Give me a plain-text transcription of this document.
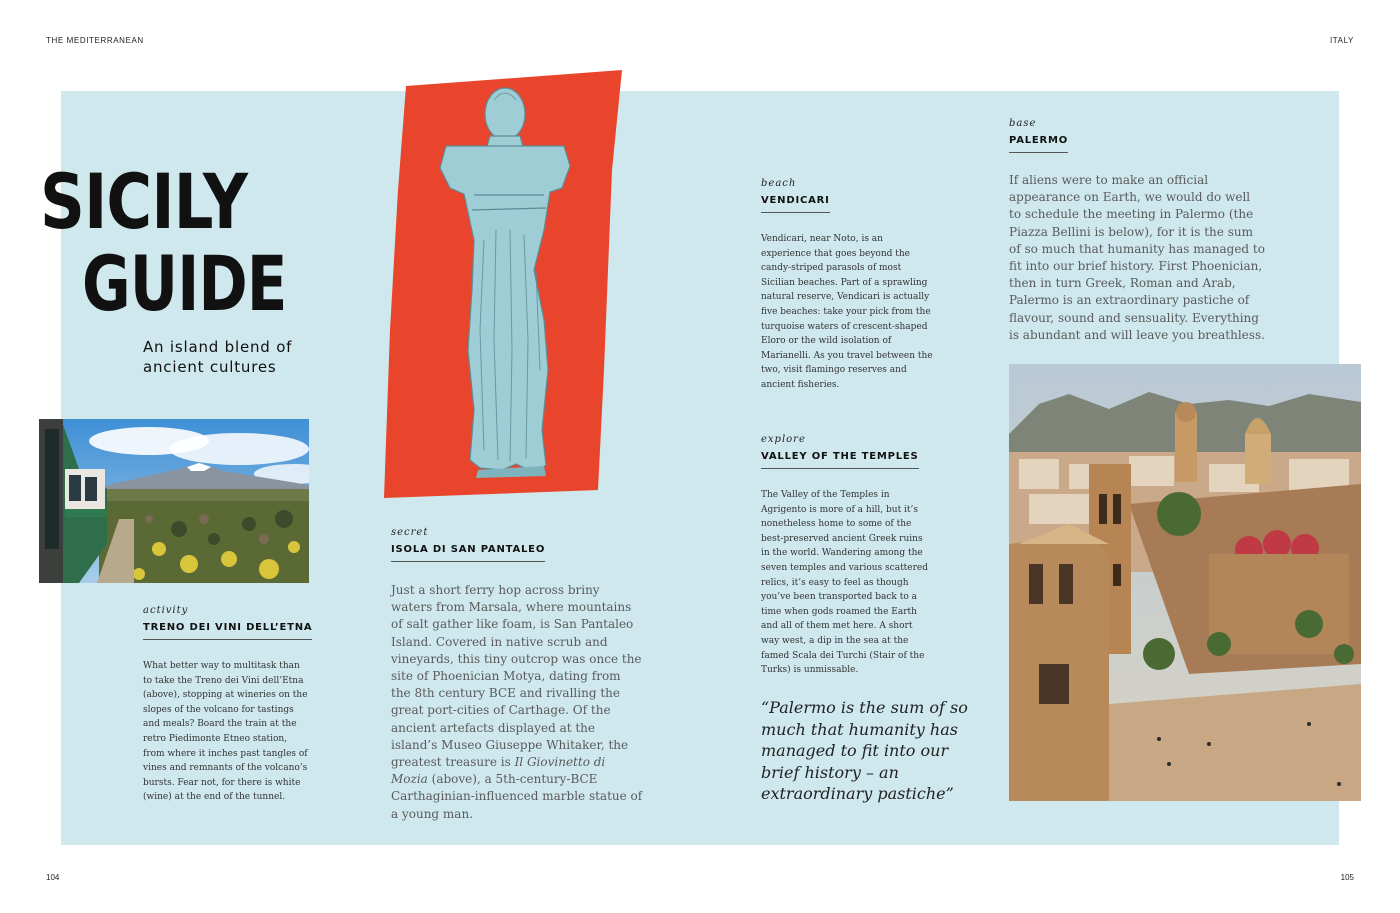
THE MEDITERRANEAN	ITALY
104	105
SICILY
GUIDE
An island blend of ancient cultures
activity
TRENO DEI VINI DELL’ETNA
What better way to multitask than to take the Treno dei Vini dell’Etna (above), stopping at wineries on the slopes of the volcano for tastings and meals? Board the train at the retro Piedimonte Etneo station, from where it inches past tangles of vines and remnants of the volcano’s bursts. Fear not, for there is white (wine) at the end of the tunnel.
secret
ISOLA DI SAN PANTALEO
Just a short ferry hop across briny waters from Marsala, where mountains of salt gather like foam, is San Pantaleo Island. Covered in native scrub and vineyards, this tiny outcrop was once the site of Phoenician Motya, dating from the 8th century BCE and rivalling the great port-cities of Carthage. Of the ancient artefacts displayed at the island’s Museo Giuseppe Whitaker, the greatest treasure is Il Giovinetto di Mozia (above), a 5th-century-BCE Carthaginian-influenced marble statue of a young man.
beach
VENDICARI
Vendicari, near Noto, is an experience that goes beyond the candy-striped parasols of most Sicilian beaches. Part of a sprawling natural reserve, Vendicari is actually five beaches: take your pick from the turquoise waters of crescent-shaped Eloro or the wild isolation of Marianelli. As you travel between the two, visit flamingo reserves and ancient fisheries.
explore
VALLEY OF THE TEMPLES
The Valley of the Temples in Agrigento is more of a hill, but it’s nonetheless home to some of the best-preserved ancient Greek ruins in the world. Wandering among the seven temples and various scattered relics, it’s easy to feel as though you’ve been transported back to a time when gods roamed the Earth and all of them met here. A short way west, a dip in the sea at the famed Scala dei Turchi (Stair of the Turks) is unmissable.
“Palermo is the sum of so much that humanity has managed to fit into our brief history – an extraordinary pastiche”
base
PALERMO
If aliens were to make an official appearance on Earth, we would do well to schedule the meeting in Palermo (the Piazza Bellini is below), for it is the sum of so much that humanity has managed to fit into our brief history. First Phoenician, then in turn Greek, Roman and Arab, Palermo is an extraordinary pastiche of flavour, sound and sensuality. Everything is abundant and will leave you breathless.
